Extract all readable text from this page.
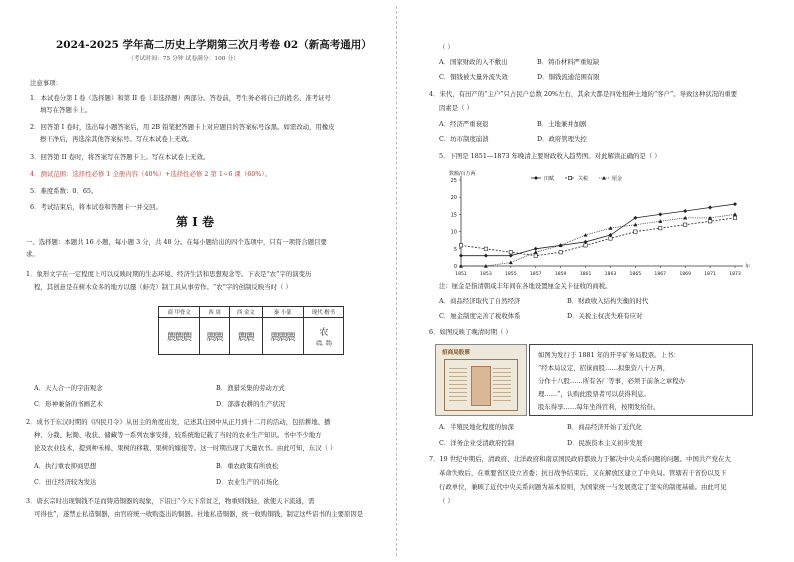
2024-2025 学年高二历史上学期第三次月考卷 02（新高考通用）
（考试时间：75 分钟 试卷满分：100 分）
注意事项：
1．本试卷分第 I 卷（选择题）和第 II 卷（非选择题）两部分。答卷前，考生务必将自己的姓名、准考证号
填写在答题卡上。
2．回答第 I 卷时，选出每小题答案后，用 2B 铅笔把答题卡上对应题目的答案标号涂黑。如需改动，用橡皮
擦干净后，再选涂其他答案标号。写在本试卷上无效。
3．回答第 II 卷时，将答案写在答题卡上。写在本试卷上无效。
4．测试范围：选择性必修 1 全册内容（40%）+选择性必修 2 第 1~6 课（60%）。
5．难度系数：0．65。
6．考试结束后，将本试卷和答题卡一并交回。
第 I 卷
一、选择题：本题共 16 小题，每小题 3 分，共 48 分。在每小题给出的四个选项中，只有一项符合题目要
求。
1．象形文字在一定程度上可以反映时期的生态环境、经济生活和思想观念等。下表是“农”字的演变历
程，其创意是在树木众多的地方以蜃（蚌壳）制工具从事劳作。“农”字的创制反映当时（ ）
商 甲骨文	西 周	西 金文	秦 小篆	现代 楷书
䢉䢉䢉	䢉䢉	䢉䢉	䢉䢉䢉	农
（農、辳）
A．天人合一的宇宙观念	B．渔猎采集的劳动方式
C．形神兼备的书画艺术	D．部落农耕的生产状况
2．成书于东汉时期的《四民月令》从田主的角度出发，记述其庄园中从正月到十二月的活动，包括耕地、播
种、分栽、耘锄、收获、储藏等一系列农事安排，较系统地记载了当时的农业生产知识。书中不少地方
论及农业技术，提到种禾棉、果树的移栽、果树的嫁接等。这一时期出现了大量农书。由此可知，东汉（ ）
A．执行重农抑商思想	B．重农政策有所放松
C．田庄经济较为发达	D．农业生产的市场化
3．唐玄宗时出现铜钱不足而铸造铜器的现象，下诏曰“今天下常贫乏，物重则钱轻，欲使天下流通，需
可得也”，遂禁止私造铜器，由官府统一收购盗出的铜器。社地私造铜器，统一收购铜钱，制定这些诏书的主要原因是
（ ）
A．国家财政的入不敷出	B．铸币材料严重短缺
C．铜钱被大量外流失效	D．铜钱流通范围有限
4．宋代，有田产的“主户”只占民户总数 20%左右，其余大都是四处租种土地的“客户”。导致这种状况的重要
因素是（ ）
A．经济严重衰退	B．土地兼并加剧
C．坊市制度崩溃	D．政府管理失控
5．下图是 1851—1873 年晚清主要财政收入趋势图。对此解读正确的是（ ）
0
5
10
15
20
25
1851	1853	1855	1857	1859	1861	1863	1865	1867	1869	1871	1873
数额/百万两
年
田赋	关税	厘金
注：厘金是指清朝咸丰年间在各地设置厘金关卡征收的商税。
A．商品经济取代了自然经济	B．财政收入结构失衡的时代
C．厘金制度完善了税收体系	D．关税主权丧失难有应对
6．如图反映了晚清时期（ ）
招商局股票	如图为发行于 1881 年的开平矿务局股票。上书：
“经本局议定，招徕商股……拟集资八十万两，
分作十八股……所有各厂等事，必须于前条之章程办
理……”，认购此股票者可以获得利息。
股东得享……每年坐得官利，按期发给份。
A．半殖民地化程度的加深	B．商品经济开始了近代化
C．洋务企业受清政府控制	D．民族资本主义初步发展
7．19 世纪中期后，清政府、北洋政府和南京国民政府都致力于解决中央关系问题的问题。中国共产党在大
革命失败后，在重要省区设立省委；抗日战争结束后，又在解放区建立了中央局。管辖若干省份以及下
行政单位，兼顾了近代中央关系问题为基本原则，为国家统一与发展奠定了坚实的制度基础。由此可见
（ ）
